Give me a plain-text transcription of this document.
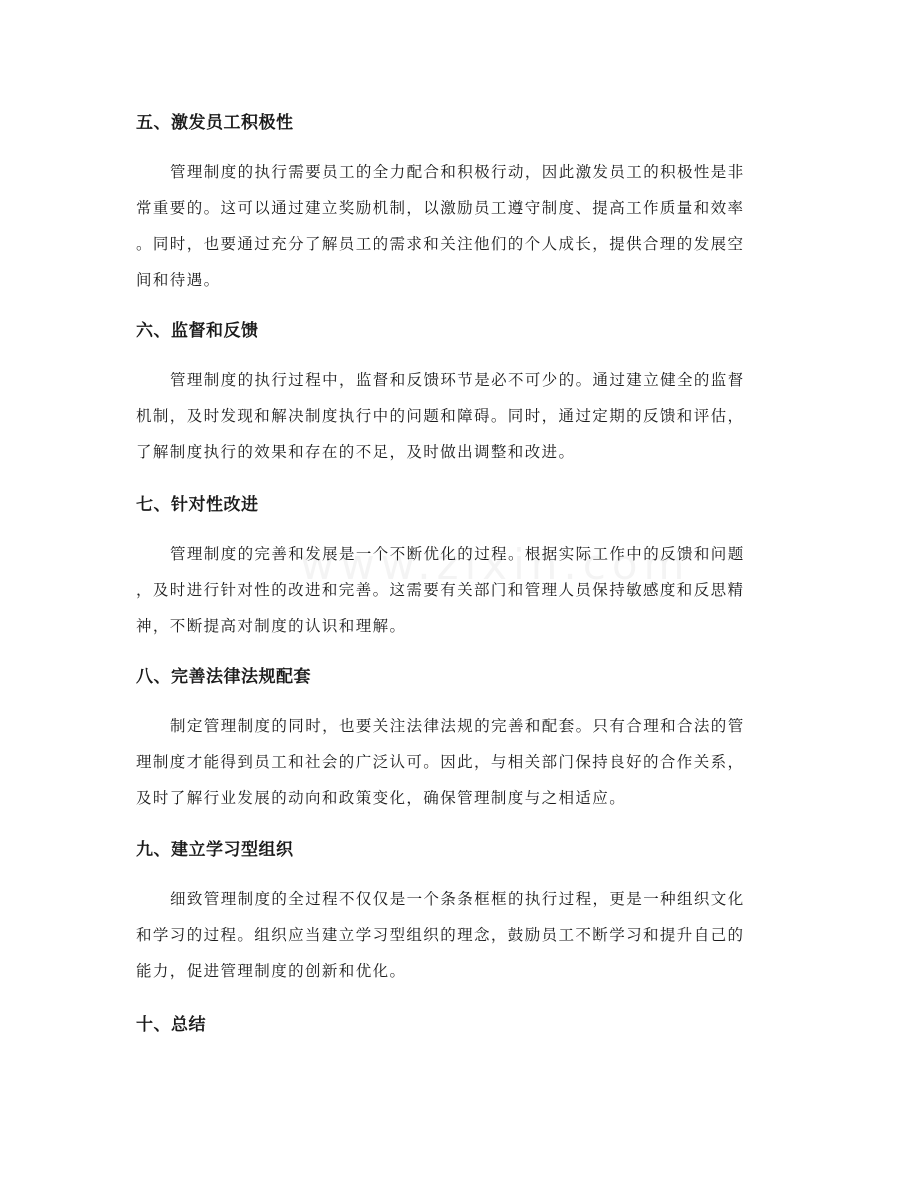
五、激发员工积极性
管理制度的执行需要员工的全力配合和积极行动，因此激发员工的积极性是非
常重要的。这可以通过建立奖励机制，以激励员工遵守制度、提高工作质量和效率
。同时，也要通过充分了解员工的需求和关注他们的个人成长，提供合理的发展空
间和待遇。
六、监督和反馈
管理制度的执行过程中，监督和反馈环节是必不可少的。通过建立健全的监督
机制，及时发现和解决制度执行中的问题和障碍。同时，通过定期的反馈和评估，
了解制度执行的效果和存在的不足，及时做出调整和改进。
七、针对性改进
管理制度的完善和发展是一个不断优化的过程。根据实际工作中的反馈和问题
，及时进行针对性的改进和完善。这需要有关部门和管理人员保持敏感度和反思精
神，不断提高对制度的认识和理解。
八、完善法律法规配套
制定管理制度的同时，也要关注法律法规的完善和配套。只有合理和合法的管
理制度才能得到员工和社会的广泛认可。因此，与相关部门保持良好的合作关系，
及时了解行业发展的动向和政策变化，确保管理制度与之相适应。
九、建立学习型组织
细致管理制度的全过程不仅仅是一个条条框框的执行过程，更是一种组织文化
和学习的过程。组织应当建立学习型组织的理念，鼓励员工不断学习和提升自己的
能力，促进管理制度的创新和优化。
十、总结
